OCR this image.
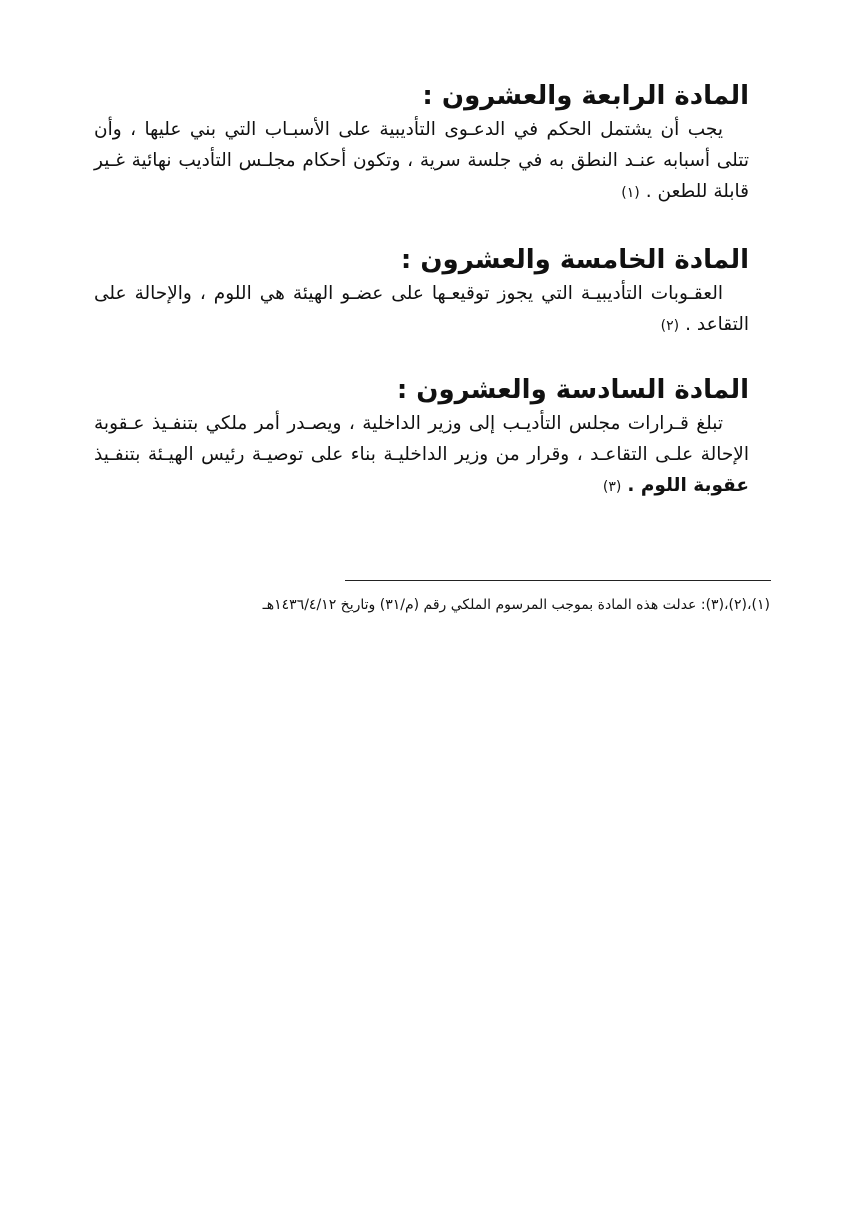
المادة الرابعة والعشرون :

يجب أن يشتمل الحكم في الدعـوى التأديبية على الأسبـاب التي بني عليها ، وأن تتلى أسبابه عنـد النطق به في جلسة سرية ، وتكون أحكام مجلـس التأديب نهائية غـير قابلة للطعن .(١)

المادة الخامسة والعشرون :

العقـوبات التأديبيـة التي يجوز توقيعـها على عضـو الهيئة هي اللوم ، والإحالة على التقاعد .(٢)

المادة السادسة والعشرون :

تبلغ قـرارات مجلس التأديـب إلى وزير الداخلية ، ويصـدر أمر ملكي بتنفـيذ عـقوبة الإحالة علـى التقاعـد ، وقرار من وزير الداخليـة بناء على توصيـة رئيس الهيـئة بتنفـيذ عقوبة اللوم .(٣)

(١)،(٢)،(٣): عدلت هذه المادة بموجب المرسوم الملكي رقم (م/٣١) وتاريخ ١٤٣٦/٤/١٢هـ
